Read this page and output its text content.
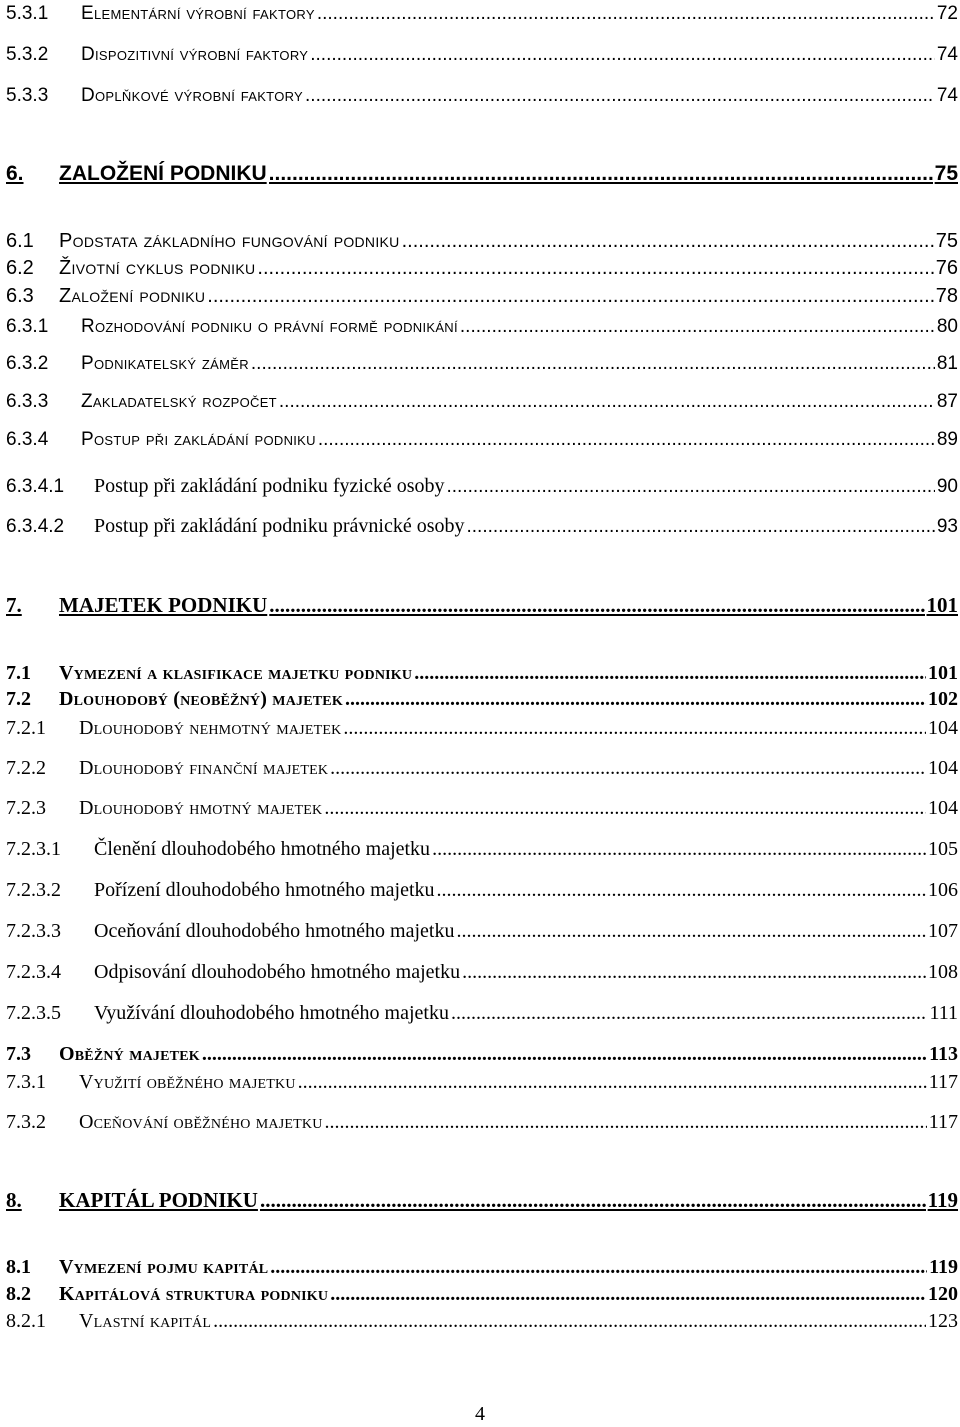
5.3.1	Elementární výrobní faktory .....	72
5.3.2	Dispozitivní výrobní faktory .....	74
5.3.3	Doplňkové výrobní faktory .....	74
6.	ZALOŽENÍ PODNIKU .....	75
6.1	Podstata základního fungování podniku .....	75
6.2	Životní cyklus podniku .....	76
6.3	Založení podniku .....	78
6.3.1	Rozhodování podniku o právní formě podnikání .....	80
6.3.2	Podnikatelský záměr .....	81
6.3.3	Zakladatelský rozpočet .....	87
6.3.4	Postup při zakládání podniku .....	89
6.3.4.1	Postup při zakládání podniku fyzické osoby .....	90
6.3.4.2	Postup při zakládání podniku právnické osoby .....	93
7.	MAJETEK PODNIKU .....	101
7.1	Vymezení a klasifikace majetku podniku .....	101
7.2	Dlouhodobý (neoběžný) majetek .....	102
7.2.1	Dlouhodobý nehmotný majetek .....	104
7.2.2	Dlouhodobý finanční majetek .....	104
7.2.3	Dlouhodobý hmotný majetek .....	104
7.2.3.1	Členění dlouhodobého hmotného majetku .....	105
7.2.3.2	Pořízení dlouhodobého hmotného majetku .....	106
7.2.3.3	Oceňování dlouhodobého hmotného majetku .....	107
7.2.3.4	Odpisování dlouhodobého hmotného majetku .....	108
7.2.3.5	Využívání dlouhodobého hmotného majetku .....	111
7.3	Oběžný majetek .....	113
7.3.1	Využití oběžného majetku .....	117
7.3.2	Oceňování oběžného majetku .....	117
8.	KAPITÁL PODNIKU .....	119
8.1	Vymezení pojmu kapitál .....	119
8.2	Kapitálová struktura podniku .....	120
8.2.1	Vlastní kapitál .....	123
4
